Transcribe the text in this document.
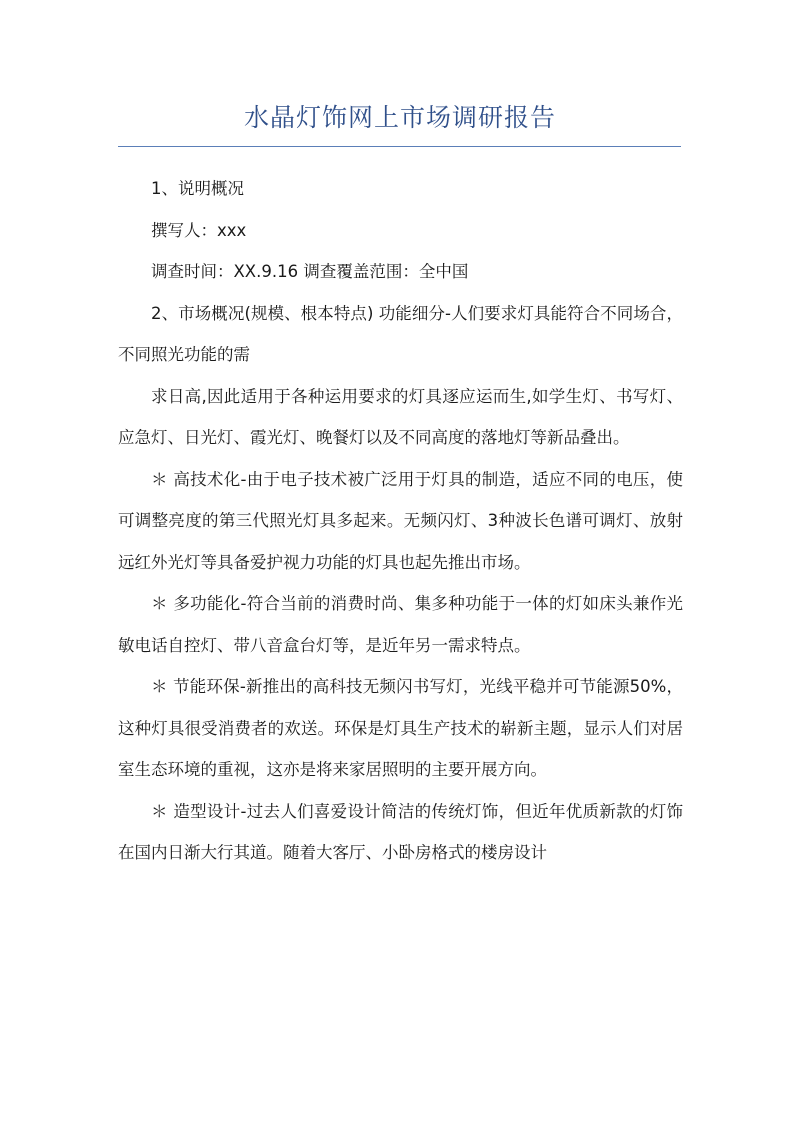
水晶灯饰网上市场调研报告

1、说明概况

撰写人：xxx

调查时间：XX.9.16 调查覆盖范围：全中国

2、市场概况(规模、根本特点) 功能细分-人们要求灯具能符合不同场合，不同照光功能的需

求日高,因此适用于各种运用要求的灯具逐应运而生,如学生灯、书写灯、应急灯、日光灯、霞光灯、晚餐灯以及不同高度的落地灯等新品叠出。

＊ 高技术化-由于电子技术被广泛用于灯具的制造，适应不同的电压，使可调整亮度的第三代照光灯具多起来。无频闪灯、3种波长色谱可调灯、放射远红外光灯等具备爱护视力功能的灯具也起先推出市场。

＊ 多功能化-符合当前的消费时尚、集多种功能于一体的灯如床头兼作光敏电话自控灯、带八音盒台灯等，是近年另一需求特点。

＊ 节能环保-新推出的高科技无频闪书写灯，光线平稳并可节能源50%，这种灯具很受消费者的欢送。环保是灯具生产技术的崭新主题，显示人们对居室生态环境的重视，这亦是将来家居照明的主要开展方向。

＊ 造型设计-过去人们喜爱设计简洁的传统灯饰，但近年优质新款的灯饰在国内日渐大行其道。随着大客厅、小卧房格式的楼房设计
